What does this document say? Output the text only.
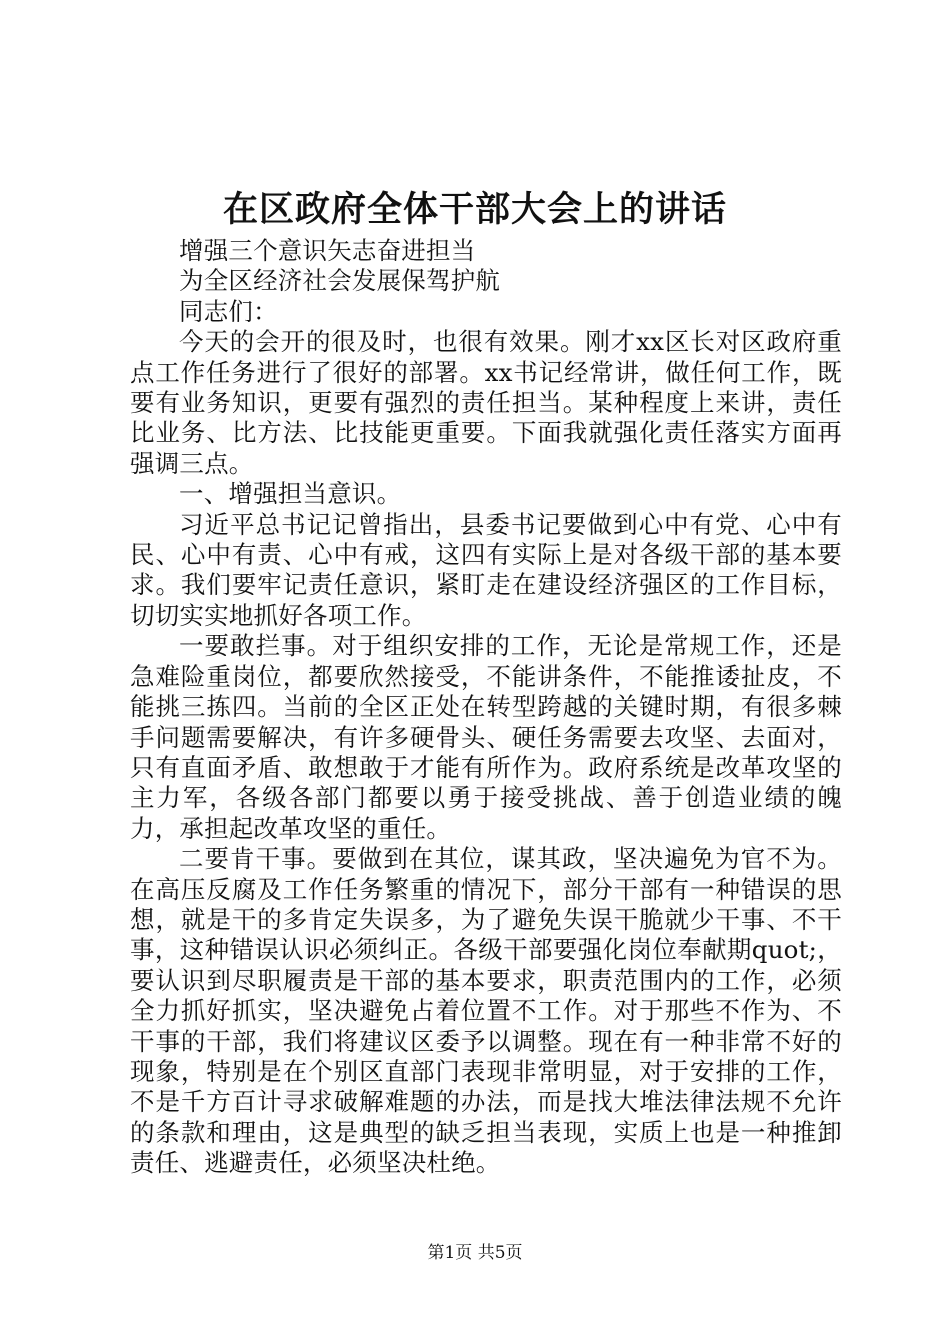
在区政府全体干部大会上的讲话

增强三个意识矢志奋进担当

为全区经济社会发展保驾护航

同志们：

今天的会开的很及时，也很有效果。刚才xx区长对区政府重点工作任务进行了很好的部署。xx书记经常讲，做任何工作，既要有业务知识，更要有强烈的责任担当。某种程度上来讲，责任比业务、比方法、比技能更重要。下面我就强化责任落实方面再强调三点。

一、增强担当意识。

习近平总书记记曾指出，县委书记要做到心中有党、心中有民、心中有责、心中有戒，这四有实际上是对各级干部的基本要求。我们要牢记责任意识，紧盯走在建设经济强区的工作目标，切切实实地抓好各项工作。

一要敢拦事。对于组织安排的工作，无论是常规工作，还是急难险重岗位，都要欣然接受，不能讲条件，不能推诿扯皮，不能挑三拣四。当前的全区正处在转型跨越的关键时期，有很多棘手问题需要解决，有许多硬骨头、硬任务需要去攻坚、去面对，只有直面矛盾、敢想敢于才能有所作为。政府系统是改革攻坚的主力军，各级各部门都要以勇于接受挑战、善于创造业绩的魄力，承担起改革攻坚的重任。

二要肯干事。要做到在其位，谋其政，坚决遍免为官不为。在高压反腐及工作任务繁重的情况下，部分干部有一种错误的思想，就是干的多肯定失误多，为了避免失误干脆就少干事、不干事，这种错误认识必须纠正。各级干部要强化岗位奉献期quot;，要认识到尽职履责是干部的基本要求，职责范围内的工作，必须全力抓好抓实，坚决避免占着位置不工作。对于那些不作为、不干事的干部，我们将建议区委予以调整。现在有一种非常不好的现象，特别是在个别区直部门表现非常明显，对于安排的工作，不是千方百计寻求破解难题的办法，而是找大堆法律法规不允许的条款和理由，这是典型的缺乏担当表现，实质上也是一种推卸责任、逃避责任，必须坚决杜绝。

第1页 共5页
